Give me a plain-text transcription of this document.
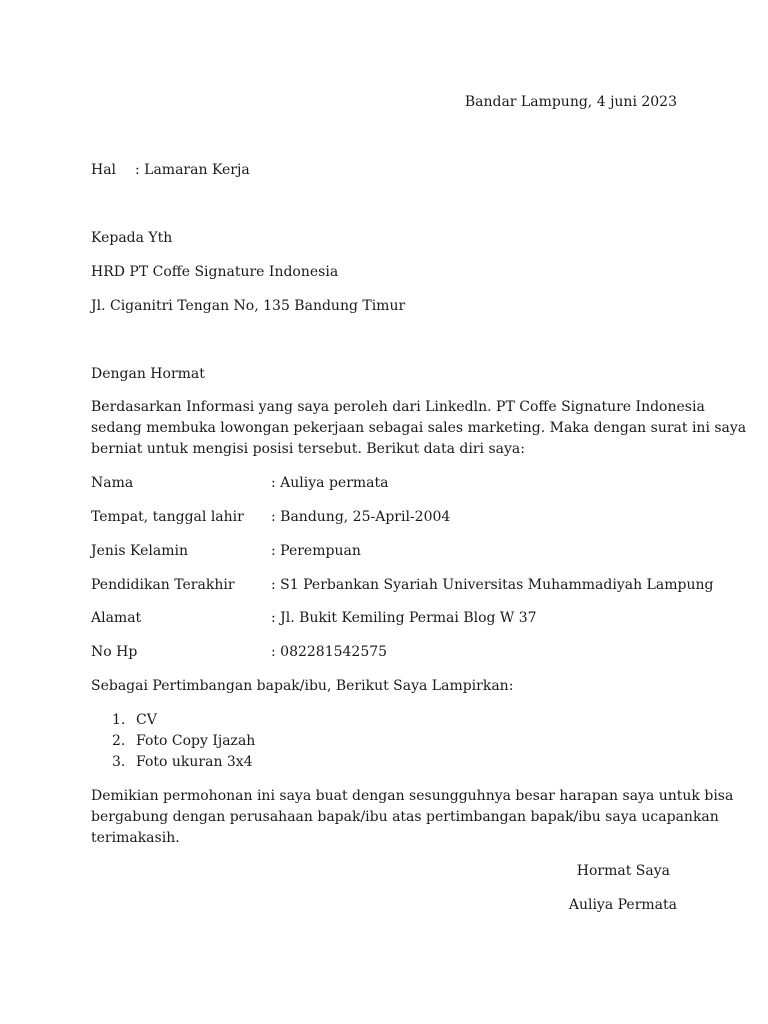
Bandar Lampung, 4 juni 2023
Hal : Lamaran Kerja
Kepada Yth
HRD PT Coffe Signature Indonesia
Jl. Ciganitri Tengan No, 135 Bandung Timur
Dengan Hormat
Berdasarkan Informasi yang saya peroleh dari Linkedln. PT Coffe Signature Indonesia
sedang membuka lowongan pekerjaan sebagai sales marketing. Maka dengan surat ini saya
berniat untuk mengisi posisi tersebut. Berikut data diri saya:
Nama	: Auliya permata
Tempat, tanggal lahir : Bandung, 25-April-2004
Jenis Kelamin	: Perempuan
Pendidikan Terakhir	: S1 Perbankan Syariah Universitas Muhammadiyah Lampung
Alamat	: Jl. Bukit Kemiling Permai Blog W 37
No Hp	: 082281542575
Sebagai Pertimbangan bapak/ibu, Berikut Saya Lampirkan:
1. CV
2. Foto Copy Ijazah
3. Foto ukuran 3x4
Demikian permohonan ini saya buat dengan sesungguhnya besar harapan saya untuk bisa
bergabung dengan perusahaan bapak/ibu atas pertimbangan bapak/ibu saya ucapankan
terimakasih.
Hormat Saya
Auliya Permata
